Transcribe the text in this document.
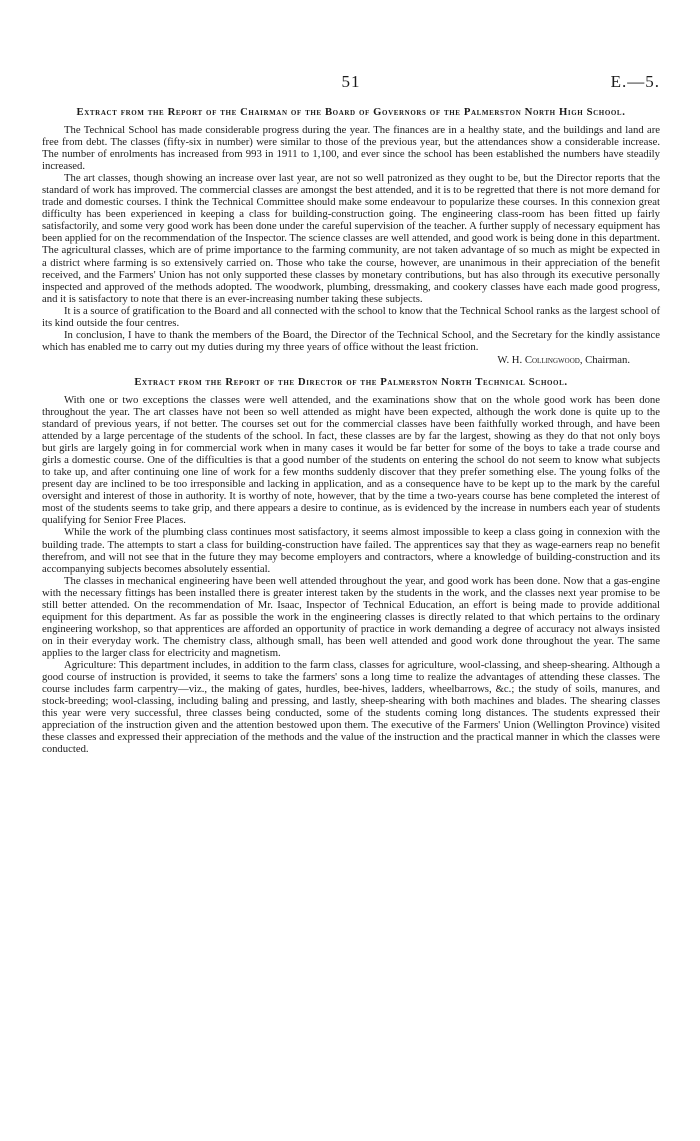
51	E.—5.
Extract from the Report of the Chairman of the Board of Governors of the Palmerston North High School.

The Technical School has made considerable progress during the year. The finances are in a healthy state, and the buildings and land are free from debt. The classes (fifty-six in number) were similar to those of the previous year, but the attendances show a considerable increase. The number of enrolments has increased from 993 in 1911 to 1,100, and ever since the school has been established the numbers have steadily increased.

The art classes, though showing an increase over last year, are not so well patronized as they ought to be, but the Director reports that the standard of work has improved. The commercial classes are amongst the best attended, and it is to be regretted that there is not more demand for trade and domestic courses. I think the Technical Committee should make some endeavour to popularize these courses. In this connexion great difficulty has been experienced in keeping a class for building-construction going. The engineering class-room has been fitted up fairly satisfactorily, and some very good work has been done under the careful supervision of the teacher. A further supply of necessary equipment has been applied for on the recommendation of the Inspector. The science classes are well attended, and good work is being done in this department. The agricultural classes, which are of prime importance to the farming community, are not taken advantage of so much as might be expected in a district where farming is so extensively carried on. Those who take the course, however, are unanimous in their appreciation of the benefit received, and the Farmers' Union has not only supported these classes by monetary contributions, but has also through its executive personally inspected and approved of the methods adopted. The woodwork, plumbing, dressmaking, and cookery classes have each made good progress, and it is satisfactory to note that there is an ever-increasing number taking these subjects.

It is a source of gratification to the Board and all connected with the school to know that the Technical School ranks as the largest school of its kind outside the four centres.

In conclusion, I have to thank the members of the Board, the Director of the Technical School, and the Secretary for the kindly assistance which has enabled me to carry out my duties during my three years of office without the least friction.

W. H. Collingwood, Chairman.
Extract from the Report of the Director of the Palmerston North Technical School.

With one or two exceptions the classes were well attended, and the examinations show that on the whole good work has been done throughout the year. The art classes have not been so well attended as might have been expected, although the work done is quite up to the standard of previous years, if not better. The courses set out for the commercial classes have been faithfully worked through, and have been attended by a large percentage of the students of the school. In fact, these classes are by far the largest, showing as they do that not only boys but girls are largely going in for commercial work when in many cases it would be far better for some of the boys to take a trade course and girls a domestic course. One of the difficulties is that a good number of the students on entering the school do not seem to know what subjects to take up, and after continuing one line of work for a few months suddenly discover that they prefer something else. The young folks of the present day are inclined to be too irresponsible and lacking in application, and as a consequence have to be kept up to the mark by the careful oversight and interest of those in authority. It is worthy of note, however, that by the time a two-years course has bene completed the interest of most of the students seems to take grip, and there appears a desire to continue, as is evidenced by the increase in numbers each year of students qualifying for Senior Free Places.

While the work of the plumbing class continues most satisfactory, it seems almost impossible to keep a class going in connexion with the building trade. The attempts to start a class for building-construction have failed. The apprentices say that they as wage-earners reap no benefit therefrom, and will not see that in the future they may become employers and contractors, where a knowledge of building-construction and its accompanying subjects becomes absolutely essential.

The classes in mechanical engineering have been well attended throughout the year, and good work has been done. Now that a gas-engine with the necessary fittings has been installed there is greater interest taken by the students in the work, and the classes next year promise to be still better attended. On the recommendation of Mr. Isaac, Inspector of Technical Education, an effort is being made to provide additional equipment for this department. As far as possible the work in the engineering classes is directly related to that which pertains to the ordinary engineering workshop, so that apprentices are afforded an opportunity of practice in work demanding a degree of accuracy not always insisted on in their everyday work. The chemistry class, although small, has been well attended and good work done throughout the year. The same applies to the larger class for electricity and magnetism.

Agriculture: This department includes, in addition to the farm class, classes for agriculture, wool-classing, and sheep-shearing. Although a good course of instruction is provided, it seems to take the farmers' sons a long time to realize the advantages of attending these classes. The course includes farm carpentry—viz., the making of gates, hurdles, bee-hives, ladders, wheelbarrows, &c.; the study of soils, manures, and stock-breeding; wool-classing, including baling and pressing, and lastly, sheep-shearing with both machines and blades. The shearing classes this year were very successful, three classes being conducted, some of the students coming long distances. The students expressed their appreciation of the instruction given and the attention bestowed upon them. The executive of the Farmers' Union (Wellington Province) visited these classes and expressed their appreciation of the methods and the value of the instruction and the practical manner in which the classes were conducted.
